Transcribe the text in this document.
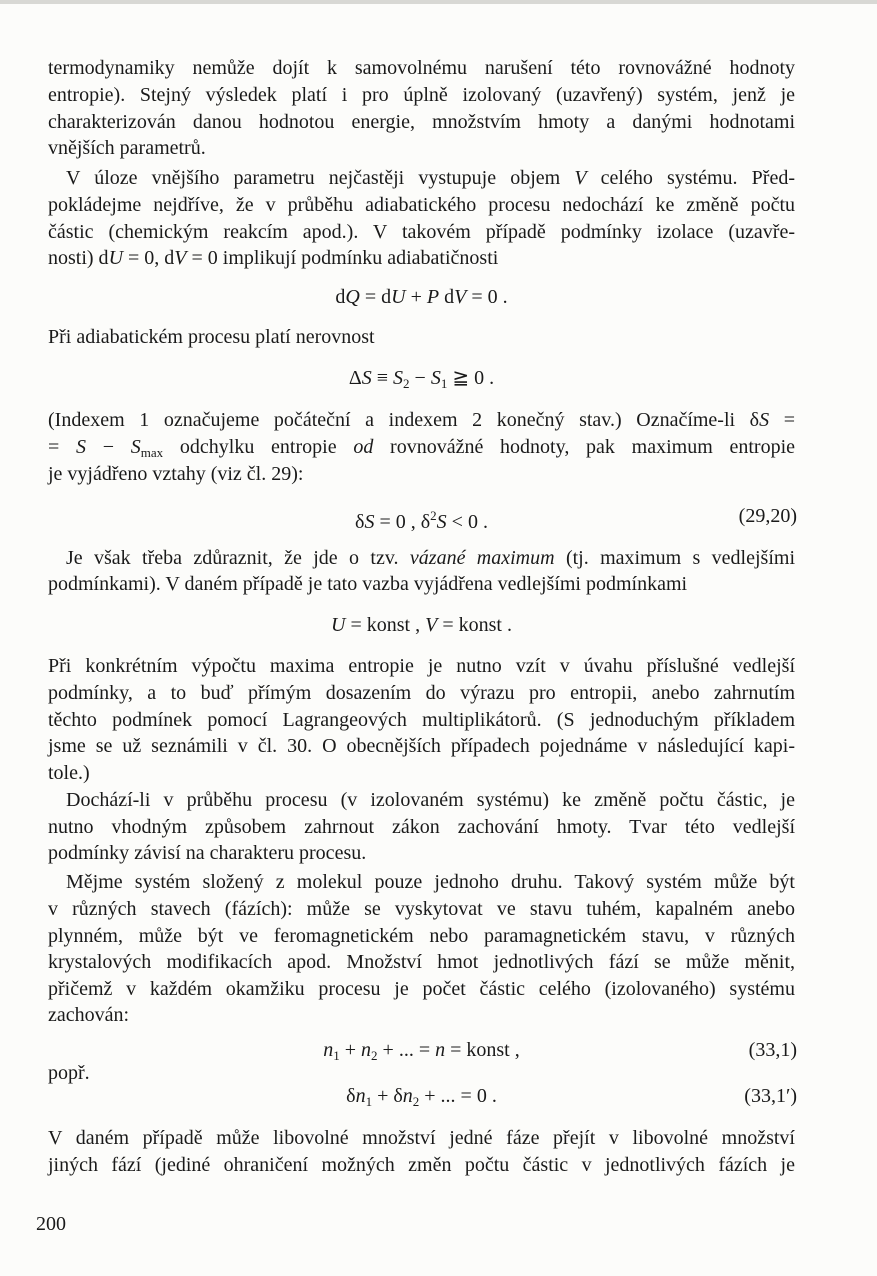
termodynamiky nemůže dojít k samovolnému narušení této rovnovážné hodnoty
entropie). Stejný výsledek platí i pro úplně izolovaný (uzavřený) systém, jenž je
charakterizován danou hodnotou energie, množstvím hmoty a danými hodnotami
vnějších parametrů.
V úloze vnějšího parametru nejčastěji vystupuje objem V celého systému. Před-
pokládejme nejdříve, že v průběhu adiabatického procesu nedochází ke změně počtu
částic (chemickým reakcím apod.). V takovém případě podmínky izolace (uzavře-
nosti) dU = 0, dV = 0 implikují podmínku adiabatičnosti
dQ = dU + P dV = 0 .
Při adiabatickém procesu platí nerovnost
$\Delta S \equiv S_2 - S_1$ ≧ 0 .
(Indexem 1 označujeme počáteční a indexem 2 konečný stav.) Označíme-li δS =
= $S - S_{max}$ odchylku entropie od rovnovážné hodnoty, pak maximum entropie
je vyjádřeno vztahy (viz čl. 29):
δS = 0 , $\delta^2S < 0$ .	(29,20)
Je však třeba zdůraznit, že jde o tzv. vázané maximum (tj. maximum s vedlejšími
podmínkami). V daném případě je tato vazba vyjádřena vedlejšími podmínkami
U = konst , V = konst .
Při konkrétním výpočtu maxima entropie je nutno vzít v úvahu příslušné vedlejší
podmínky, a to buď přímým dosazením do výrazu pro entropii, anebo zahrnutím
těchto podmínek pomocí Lagrangeových multiplikátorů. (S jednoduchým příkladem
jsme se už seznámili v čl. 30. O obecnějších případech pojednáme v následující kapi-
tole.)
Dochází-li v průběhu procesu (v izolovaném systému) ke změně počtu částic, je
nutno vhodným způsobem zahrnout zákon zachování hmoty. Tvar této vedlejší
podmínky závisí na charakteru procesu.
Mějme systém složený z molekul pouze jednoho druhu. Takový systém může být
v různých stavech (fázích): může se vyskytovat ve stavu tuhém, kapalném anebo
plynném, může být ve feromagnetickém nebo paramagnetickém stavu, v různých
krystalových modifikacích apod. Množství hmot jednotlivých fází se může měnit,
přičemž v každém okamžiku procesu je počet částic celého (izolovaného) systému
zachován:
$n_1 + n_2$ + ... = n = konst ,	(33,1)
popř.
$\delta n_1 + \delta n_2$ + ... = 0 .	(33,1′)
V daném případě může libovolné množství jedné fáze přejít v libovolné množství
jiných fází (jediné ohraničení možných změn počtu částic v jednotlivých fázích je
200
